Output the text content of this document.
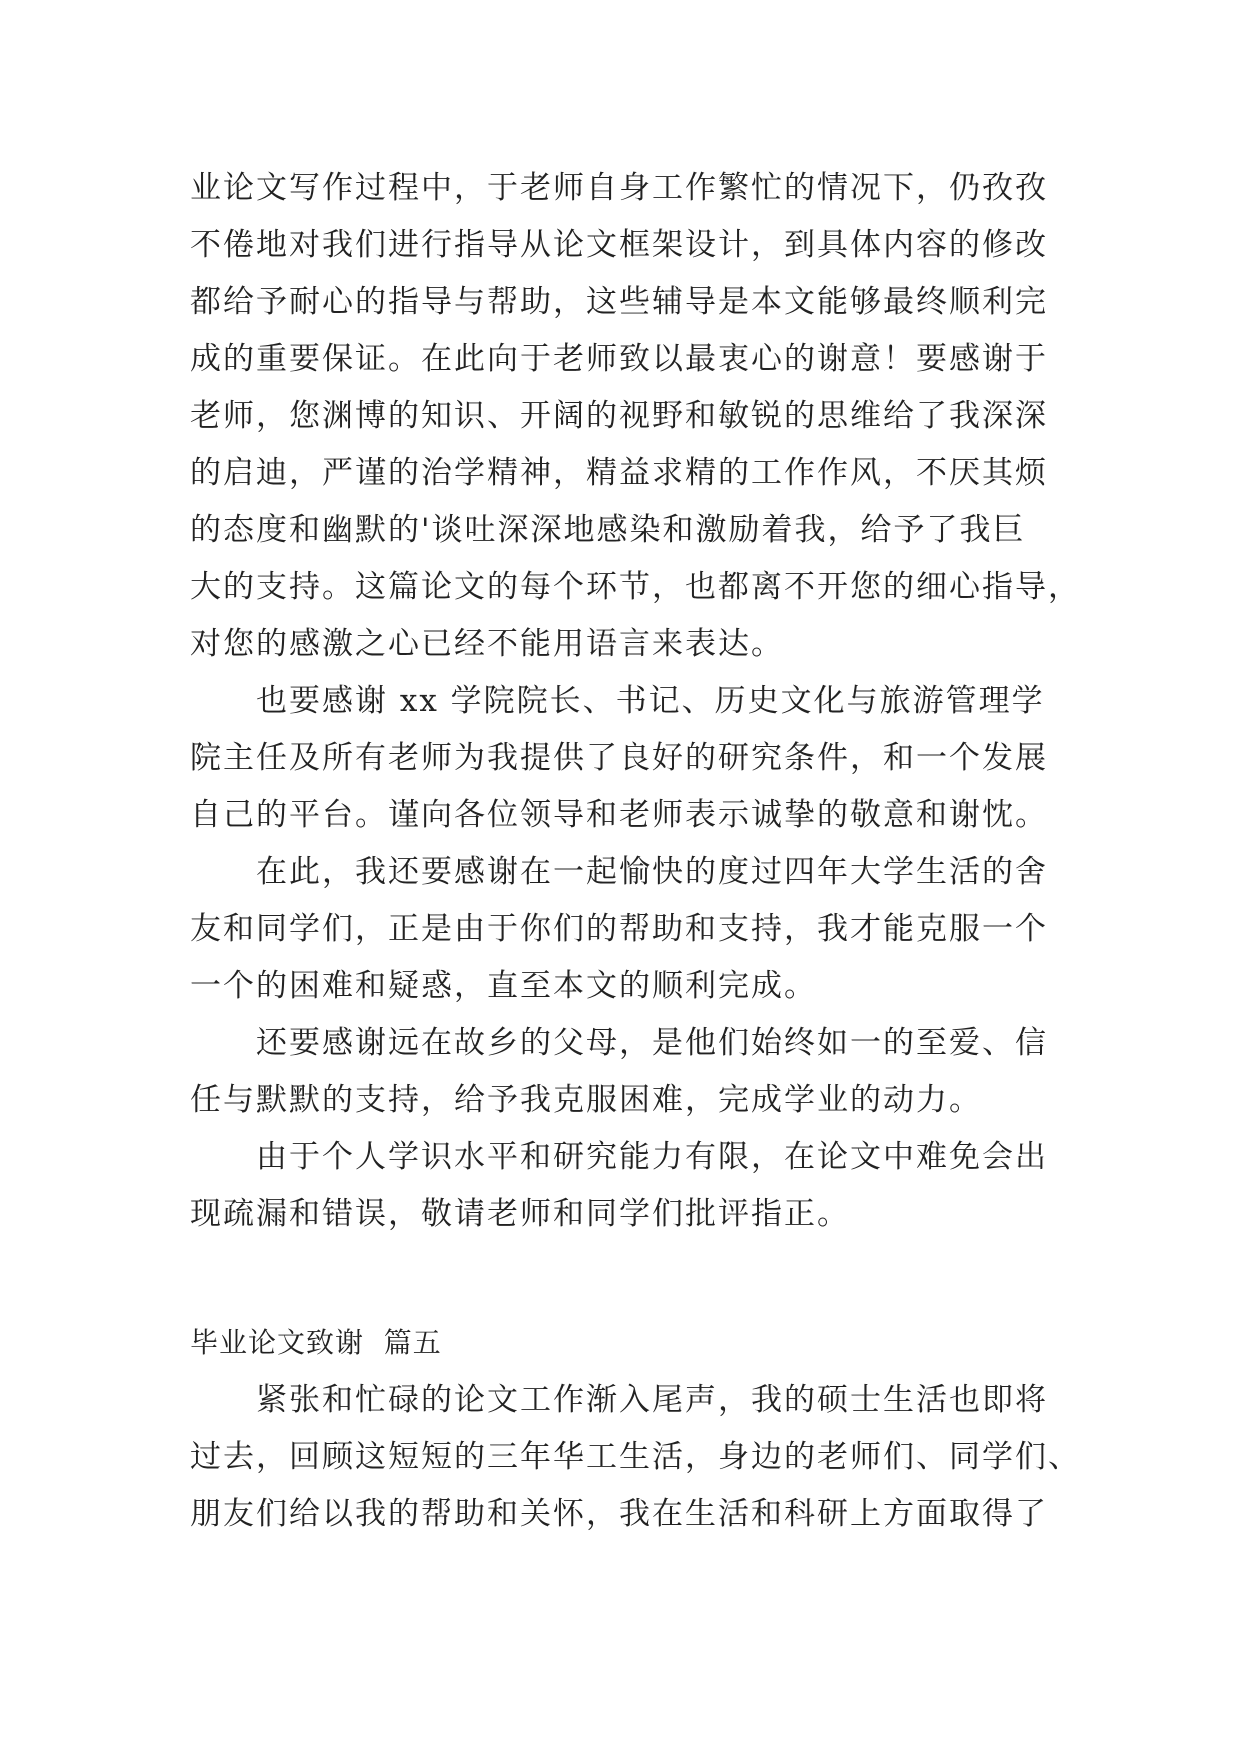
业论文写作过程中，于老师自身工作繁忙的情况下，仍孜孜
不倦地对我们进行指导从论文框架设计，到具体内容的修改
都给予耐心的指导与帮助，这些辅导是本文能够最终顺利完
成的重要保证。在此向于老师致以最衷心的谢意！要感谢于
老师，您渊博的知识、开阔的视野和敏锐的思维给了我深深
的启迪，严谨的治学精神，精益求精的工作作风，不厌其烦
的态度和幽默的'谈吐深深地感染和激励着我，给予了我巨
大的支持。这篇论文的每个环节，也都离不开您的细心指导，
对您的感激之心已经不能用语言来表达。
也要感谢 xx 学院院长、书记、历史文化与旅游管理学
院主任及所有老师为我提供了良好的研究条件，和一个发展
自己的平台。谨向各位领导和老师表示诚挚的敬意和谢忱。
在此，我还要感谢在一起愉快的度过四年大学生活的舍
友和同学们，正是由于你们的帮助和支持，我才能克服一个
一个的困难和疑惑，直至本文的顺利完成。
还要感谢远在故乡的父母，是他们始终如一的至爱、信
任与默默的支持，给予我克服困难，完成学业的动力。
由于个人学识水平和研究能力有限，在论文中难免会出
现疏漏和错误，敬请老师和同学们批评指正。
毕业论文致谢  篇五
紧张和忙碌的论文工作渐入尾声，我的硕士生活也即将
过去，回顾这短短的三年华工生活，身边的老师们、同学们、
朋友们给以我的帮助和关怀，我在生活和科研上方面取得了
